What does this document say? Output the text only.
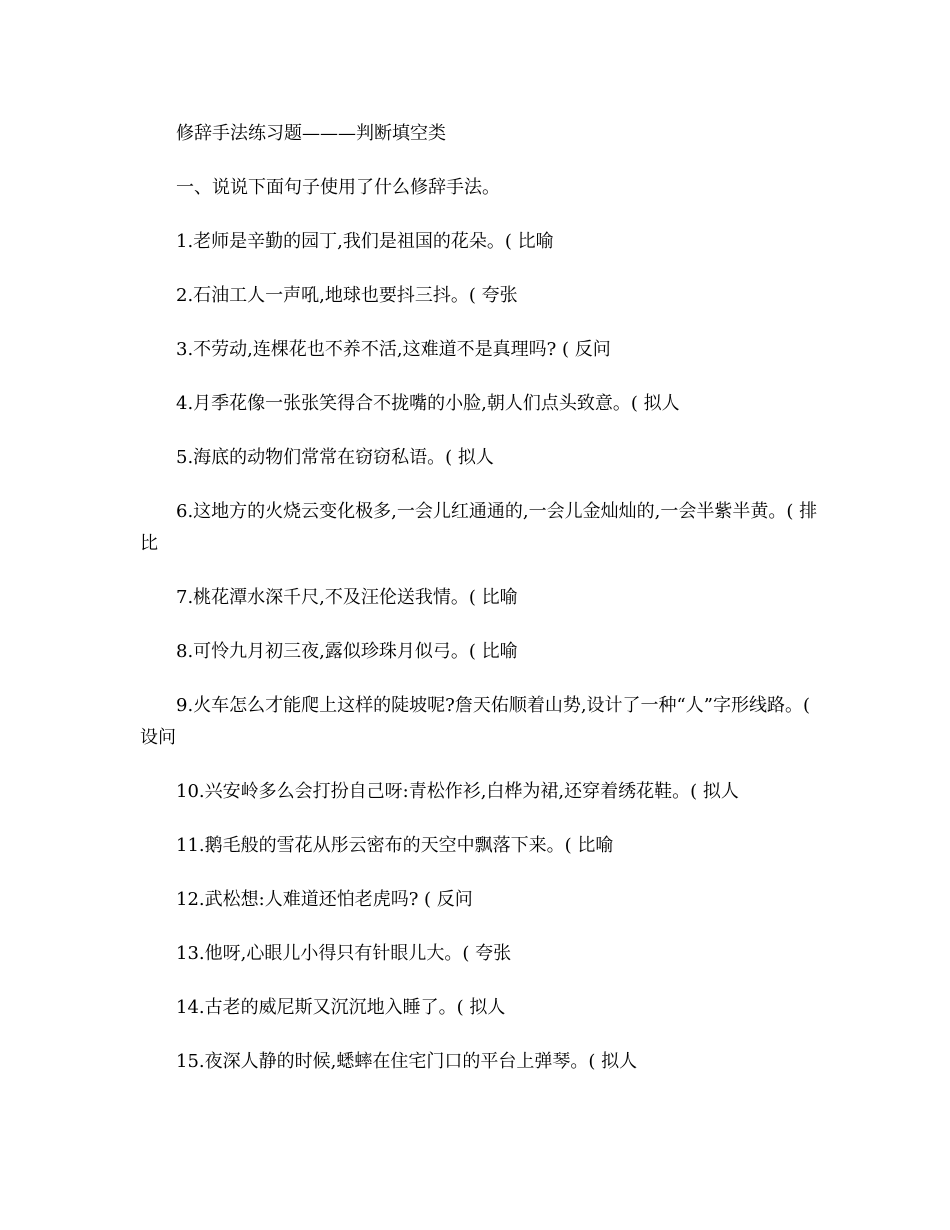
修辞手法练习题———判断填空类
一、说说下面句子使用了什么修辞手法。
1.老师是辛勤的园丁,我们是祖国的花朵。( 比喻
2.石油工人一声吼,地球也要抖三抖。( 夸张
3.不劳动,连棵花也不养不活,这难道不是真理吗? ( 反问
4.月季花像一张张笑得合不拢嘴的小脸,朝人们点头致意。( 拟人
5.海底的动物们常常在窃窃私语。( 拟人
6.这地方的火烧云变化极多,一会儿红通通的,一会儿金灿灿的,一会半紫半黄。( 排比
7.桃花潭水深千尺,不及汪伦送我情。( 比喻
8.可怜九月初三夜,露似珍珠月似弓。( 比喻
9.火车怎么才能爬上这样的陡坡呢?詹天佑顺着山势,设计了一种“人”字形线路。( 设问
10.兴安岭多么会打扮自己呀:青松作衫,白桦为裙,还穿着绣花鞋。( 拟人
11.鹅毛般的雪花从彤云密布的天空中飘落下来。( 比喻
12.武松想:人难道还怕老虎吗? ( 反问
13.他呀,心眼儿小得只有针眼儿大。( 夸张
14.古老的威尼斯又沉沉地入睡了。( 拟人
15.夜深人静的时候,蟋蟀在住宅门口的平台上弹琴。( 拟人
